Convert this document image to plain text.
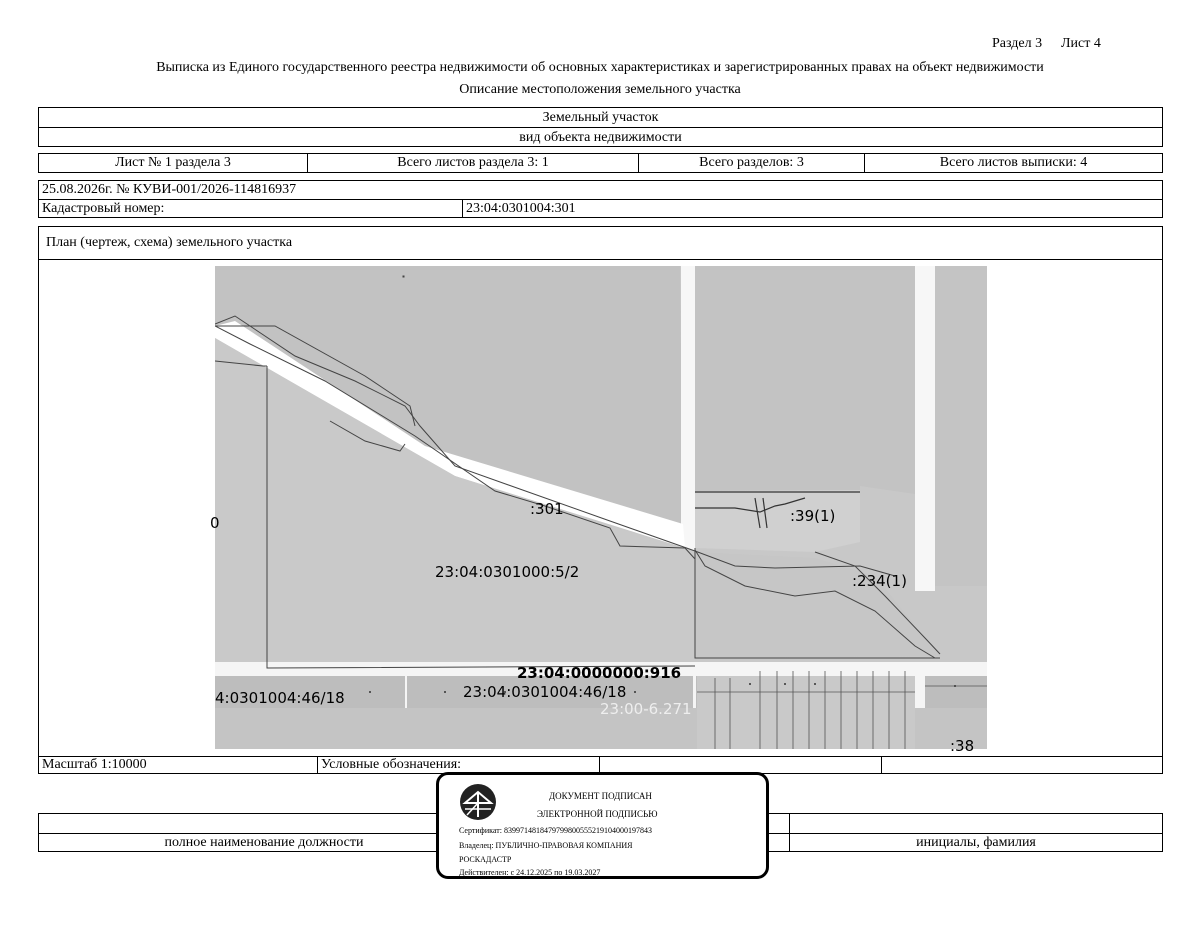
Раздел 3 Лист 4
Выписка из Единого государственного реестра недвижимости об основных характеристиках и зарегистрированных правах на объект недвижимости
Описание местоположения земельного участка
Земельный участок
вид объекта недвижимости
Лист № 1 раздела 3	Всего листов раздела 3: 1	Всего разделов: 3	Всего листов выписки: 4
25.08.2026г. № КУВИ-001/2026-114816937
Кадастровый номер:	23:04:0301004:301
План (чертеж, схема) земельного участка
Масштаб 1:10000	Условные обозначения:
:301	:39(1)
:234(1)
23:04:0301000:5/2
23:04:0000000:916
4:0301004:46/18	23:04:0301004:46/18
23:00-6.271
:38
0
полное наименование должности	инициалы, фамилия
ДОКУМЕНТ ПОДПИСАН
ЭЛЕКТРОННОЙ ПОДПИСЬЮ
Сертификат: 839971481847979980055521910400019784З
Владелец: ПУБЛИЧНО-ПРАВОВАЯ КОМПАНИЯ
РОСКАДАСТР
Действителен: с 24.12.2025 по 19.03.2027
